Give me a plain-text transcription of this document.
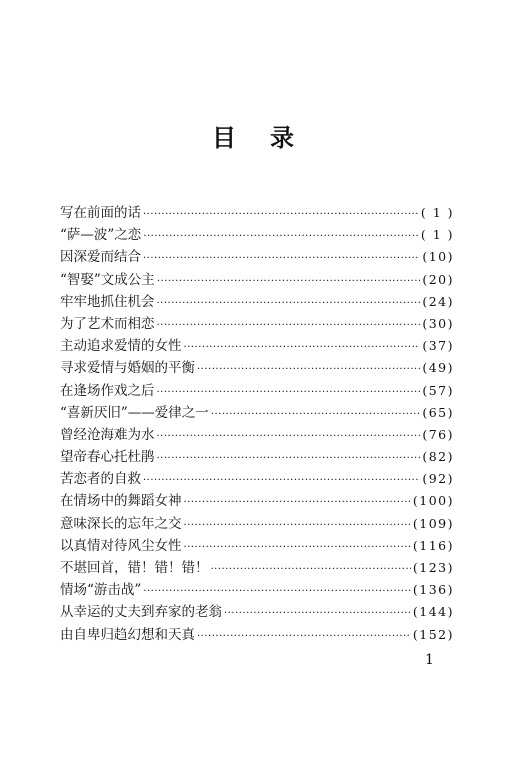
目录
写在前面的话 ·····	( 1 )
“萨—波”之恋 ·····	( 1 )
因深爱而结合 ·····	(10)
“智娶”文成公主 ·····	(20)
牢牢地抓住机会 ·····	(24)
为了艺术而相恋 ·····	(30)
主动追求爱情的女性 ·····	(37)
寻求爱情与婚姻的平衡 ·····	(49)
在逢场作戏之后 ·····	(57)
“喜新厌旧”——爱律之一 ·····	(65)
曾经沧海难为水 ·····	(76)
望帝春心托杜鹃 ·····	(82)
苦恋者的自救 ·····	(92)
在情场中的舞蹈女神 ·····	(100)
意味深长的忘年之交 ·····	(109)
以真情对待风尘女性 ·····	(116)
不堪回首，错！错！错！ ·····	(123)
情场“游击战” ·····	(136)
从幸运的丈夫到弃家的老翁 ·····	(144)
由自卑归趋幻想和天真 ·····	(152)
1
